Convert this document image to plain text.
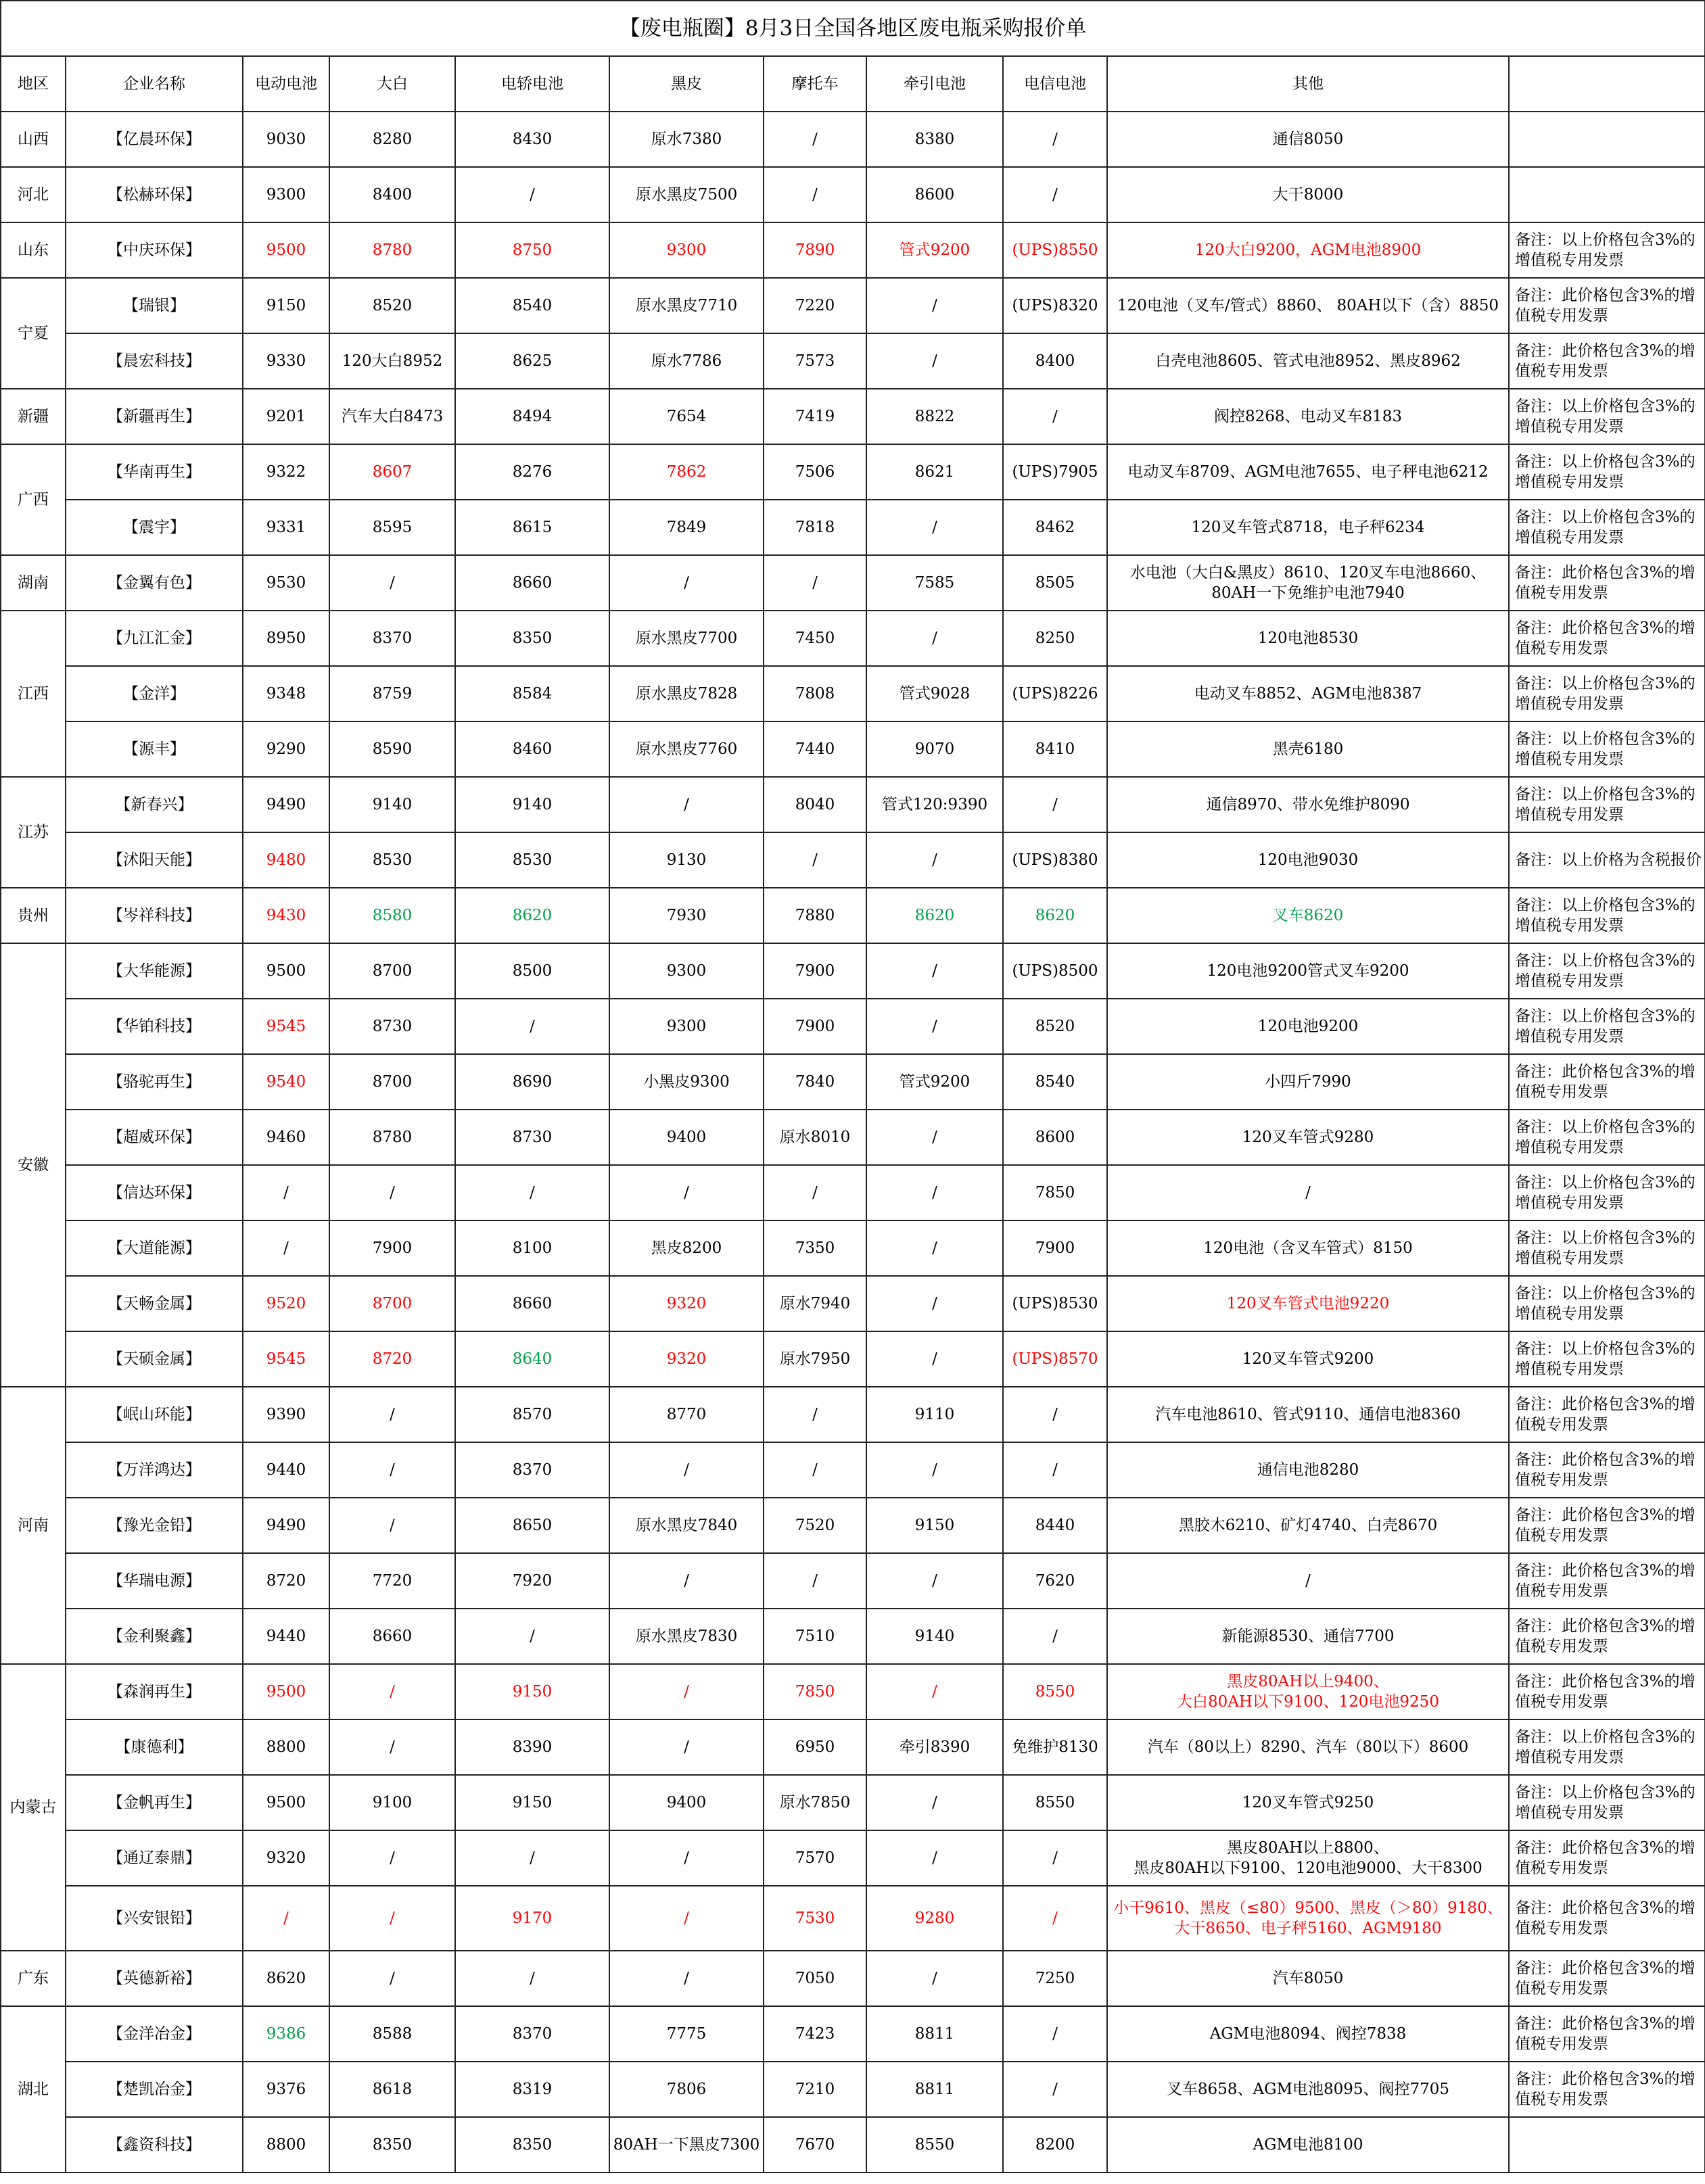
【废电瓶圈】8月3日全国各地区废电瓶采购报价单										
地区	企业名称	电动电池	大白	电轿电池	黑皮	摩托车	牵引电池	电信电池	其他	
山西	【亿晨环保】	9030	8280	8430	原水7380	/	8380	/	通信8050	
河北	【松赫环保】	9300	8400	/	原水黑皮7500	/	8600	/	大干8000	
山东	【中庆环保】	9500	8780	8750	9300	7890	管式9200	(UPS)8550	120大白9200，AGM电池8900	备注：以上价格包含3%的增值税专用发票
宁夏	【瑞银】	9150	8520	8540	原水黑皮7710	7220	/	(UPS)8320	120电池（叉车/管式）8860、 80AH以下（含）8850	备注：此价格包含3%的增值税专用发票
	【晨宏科技】	9330	120大白8952	8625	原水7786	7573	/	8400	白壳电池8605、管式电池8952、黑皮8962	备注：此价格包含3%的增值税专用发票
新疆	【新疆再生】	9201	汽车大白8473	8494	7654	7419	8822	/	阀控8268、电动叉车8183	备注：以上价格包含3%的增值税专用发票
广西	【华南再生】	9322	8607	8276	7862	7506	8621	(UPS)7905	电动叉车8709、AGM电池7655、电子秤电池6212	备注：以上价格包含3%的增值税专用发票
	【震宇】	9331	8595	8615	7849	7818	/	8462	120叉车管式8718，电子秤6234	备注：以上价格包含3%的增值税专用发票
湖南	【金翼有色】	9530	/	8660	/	/	7585	8505	水电池（大白&黑皮）8610、120叉车电池8660、80AH一下免维护电池7940	备注：此价格包含3%的增值税专用发票
江西	【九江汇金】	8950	8370	8350	原水黑皮7700	7450	/	8250	120电池8530	备注：此价格包含3%的增值税专用发票
	【金洋】	9348	8759	8584	原水黑皮7828	7808	管式9028	(UPS)8226	电动叉车8852、AGM电池8387	备注：以上价格包含3%的增值税专用发票
	【源丰】	9290	8590	8460	原水黑皮7760	7440	9070	8410	黑壳6180	备注：以上价格包含3%的增值税专用发票
江苏	【新春兴】	9490	9140	9140	/	8040	管式120:9390	/	通信8970、带水免维护8090	备注：以上价格包含3%的增值税专用发票
	【沭阳天能】	9480	8530	8530	9130	/	/	(UPS)8380	120电池9030	备注：以上价格为含税报价
贵州	【岑祥科技】	9430	8580	8620	7930	7880	8620	8620	叉车8620	备注：以上价格包含3%的增值税专用发票
安徽	【大华能源】	9500	8700	8500	9300	7900	/	(UPS)8500	120电池9200管式叉车9200	备注：以上价格包含3%的增值税专用发票
	【华铂科技】	9545	8730	/	9300	7900	/	8520	120电池9200	备注：以上价格包含3%的增值税专用发票
	【骆驼再生】	9540	8700	8690	小黑皮9300	7840	管式9200	8540	小四斤7990	备注：此价格包含3%的增值税专用发票
	【超威环保】	9460	8780	8730	9400	原水8010	/	8600	120叉车管式9280	备注：以上价格包含3%的增值税专用发票
	【信达环保】	/	/	/	/	/	/	7850	/	备注：以上价格包含3%的增值税专用发票
	【大道能源】	/	7900	8100	黑皮8200	7350	/	7900	120电池（含叉车管式）8150	备注：以上价格包含3%的增值税专用发票
	【天畅金属】	9520	8700	8660	9320	原水7940	/	(UPS)8530	120叉车管式电池9220	备注：以上价格包含3%的增值税专用发票
	【天硕金属】	9545	8720	8640	9320	原水7950	/	(UPS)8570	120叉车管式9200	备注：以上价格包含3%的增值税专用发票
河南	【岷山环能】	9390	/	8570	8770	/	9110	/	汽车电池8610、管式9110、通信电池8360	备注：此价格包含3%的增值税专用发票
	【万洋鸿达】	9440	/	8370	/	/	/	/	通信电池8280	备注：此价格包含3%的增值税专用发票
	【豫光金铅】	9490	/	8650	原水黑皮7840	7520	9150	8440	黑胶木6210、矿灯4740、白壳8670	备注：此价格包含3%的增值税专用发票
	【华瑞电源】	8720	7720	7920	/	/	/	7620	/	备注：此价格包含3%的增值税专用发票
	【金利聚鑫】	9440	8660	/	原水黑皮7830	7510	9140	/	新能源8530、通信7700	备注：此价格包含3%的增值税专用发票
内蒙古	【森润再生】	9500	/	9150	/	7850	/	8550	黑皮80AH以上9400、
大白80AH以下9100、120电池9250	备注：此价格包含3%的增值税专用发票
	【康德利】	8800	/	8390	/	6950	牵引8390	免维护8130	汽车（80以上）8290、汽车（80以下）8600	备注：以上价格包含3%的增值税专用发票
	【金帆再生】	9500	9100	9150	9400	原水7850	/	8550	120叉车管式9250	备注：以上价格包含3%的增值税专用发票
	【通辽泰鼎】	9320	/	/	/	7570	/	/	黑皮80AH以上8800、
黑皮80AH以下9100、120电池9000、大干8300	备注：此价格包含3%的增值税专用发票
	【兴安银铅】	/	/	9170	/	7530	9280	/	小干9610、黑皮（≤80）9500、黑皮（＞80）9180、
大干8650、电子秤5160、AGM9180	备注：此价格包含3%的增值税专用发票
广东	【英德新裕】	8620	/	/	/	7050	/	7250	汽车8050	备注：此价格包含3%的增值税专用发票
湖北	【金洋冶金】	9386	8588	8370	7775	7423	8811	/	AGM电池8094、阀控7838	备注：此价格包含3%的增值税专用发票
	【楚凯冶金】	9376	8618	8319	7806	7210	8811	/	叉车8658、AGM电池8095、阀控7705	备注：此价格包含3%的增值税专用发票
	【鑫资科技】	8800	8350	8350	80AH一下黑皮7300	7670	8550	8200	AGM电池8100	
